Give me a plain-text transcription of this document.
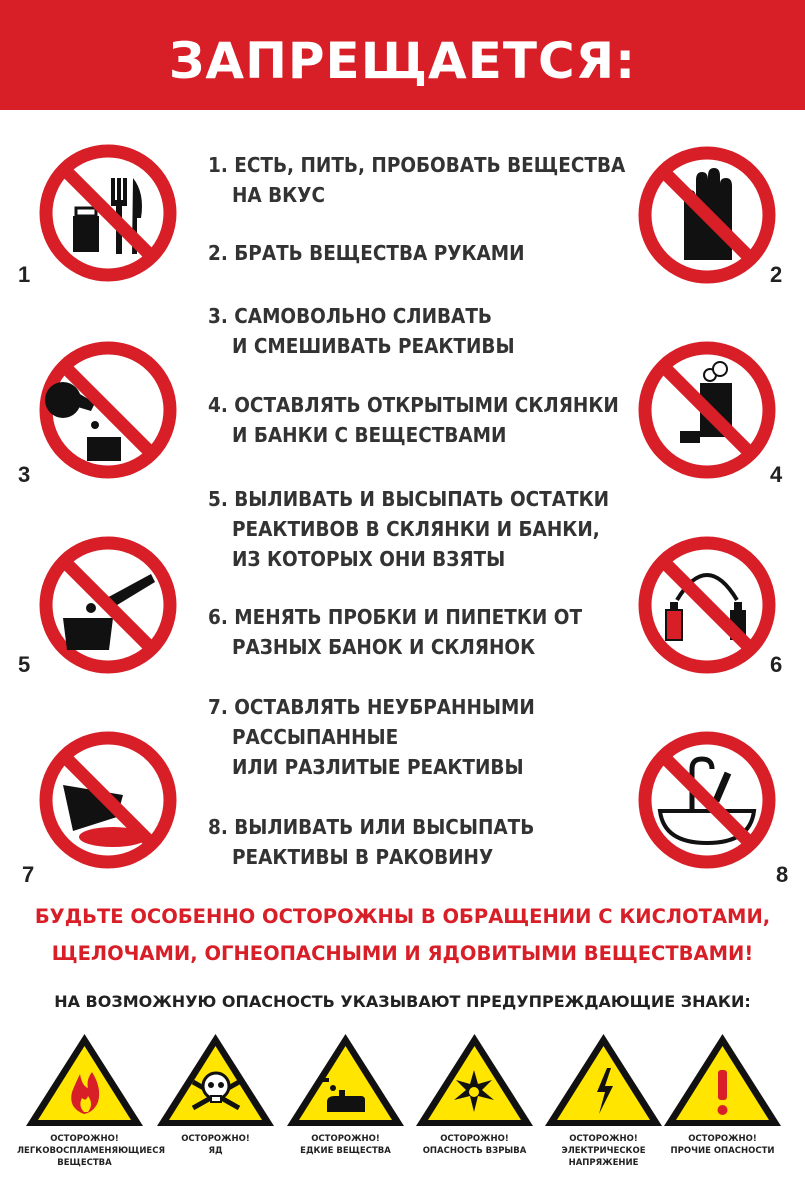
ЗАПРЕЩАЕТСЯ:
1	2
3	4
5	6
7	8
1. ЕСТЬ, ПИТЬ, ПРОБОВАТЬ ВЕЩЕСТВА
НА ВКУС
2. БРАТЬ ВЕЩЕСТВА РУКАМИ
3. САМОВОЛЬНО СЛИВАТЬ
И СМЕШИВАТЬ РЕАКТИВЫ
4. ОСТАВЛЯТЬ ОТКРЫТЫМИ СКЛЯНКИ
И БАНКИ С ВЕЩЕСТВАМИ
5. ВЫЛИВАТЬ И ВЫСЫПАТЬ ОСТАТКИ
РЕАКТИВОВ В СКЛЯНКИ И БАНКИ,
ИЗ КОТОРЫХ ОНИ ВЗЯТЫ
6. МЕНЯТЬ ПРОБКИ И ПИПЕТКИ ОТ
РАЗНЫХ БАНОК И СКЛЯНОК
7. ОСТАВЛЯТЬ НЕУБРАННЫМИ
РАССЫПАННЫЕ
ИЛИ РАЗЛИТЫЕ РЕАКТИВЫ
8. ВЫЛИВАТЬ ИЛИ ВЫСЫПАТЬ
РЕАКТИВЫ В РАКОВИНУ
БУДЬТЕ ОСОБЕННО ОСТОРОЖНЫ В ОБРАЩЕНИИ С КИСЛОТАМИ,
ЩЕЛОЧАМИ, ОГНЕОПАСНЫМИ И ЯДОВИТЫМИ ВЕЩЕСТВАМИ!
НА ВОЗМОЖНУЮ ОПАСНОСТЬ УКАЗЫВАЮТ ПРЕДУПРЕЖДАЮЩИЕ ЗНАКИ:
ОСТОРОЖНО!
ЛЕГКОВОСПЛАМЕНЯЮЩИЕСЯ
ВЕЩЕСТВА
ОСТОРОЖНО!
ЯД
ОСТОРОЖНО!
ЕДКИЕ ВЕЩЕСТВА
ОСТОРОЖНО!
ОПАСНОСТЬ ВЗРЫВА
ОСТОРОЖНО!
ЭЛЕКТРИЧЕСКОЕ
НАПРЯЖЕНИЕ
ОСТОРОЖНО!
ПРОЧИЕ ОПАСНОСТИ
